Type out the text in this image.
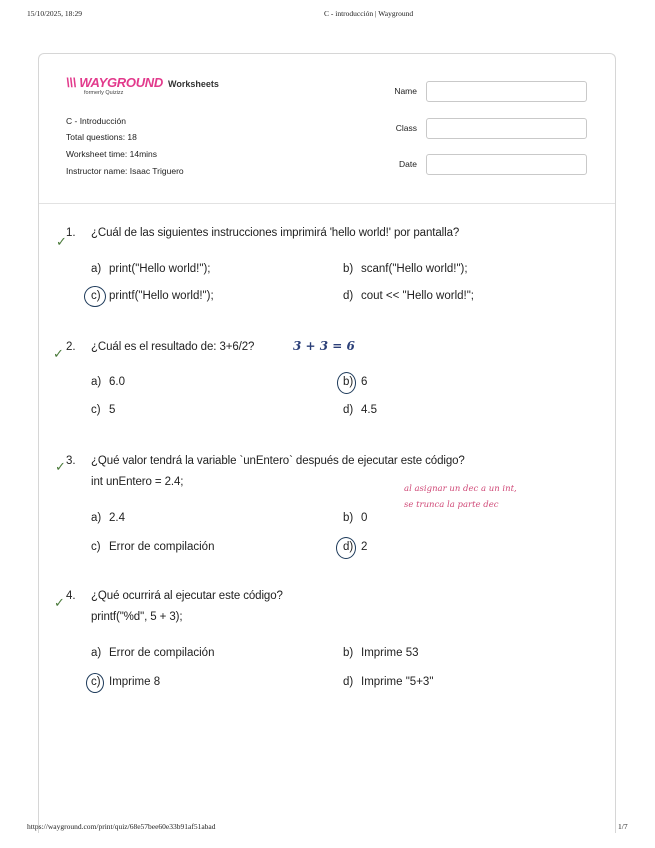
15/10/2025, 18:29	C - introducción | Wayground
\\\ WAYGROUND
formerly Quizizz
Worksheets
C - Introducción
Total questions: 18
Worksheet time: 14mins
Instructor name: Isaac Triguero
Name
Class
Date
✓
1. ¿Cuál de las siguientes instrucciones imprimirá 'hello world!' por pantalla?
a) print("Hello world!");	b) scanf("Hello world!");
c) printf("Hello world!");	d) cout << "Hello world!";
✓ 2. ¿Cuál es el resultado de: 3+6/2?	3 + 3 = 6
a) 6.0	b) 6
c) 5	d) 4.5
✓ 3. ¿Qué valor tendrá la variable `unEntero` después de ejecutar este código?
int unEntero = 2.4;
al asignar un dec a un int,
se trunca la parte dec
a) 2.4	b) 0
c) Error de compilación	d) 2
✓ 4. ¿Qué ocurrirá al ejecutar este código?
printf("%d", 5 + 3);
a) Error de compilación	b) Imprime 53
c) Imprime 8	d) Imprime "5+3"
https://wayground.com/print/quiz/68e57bee60e33b91af51abad	1/7
